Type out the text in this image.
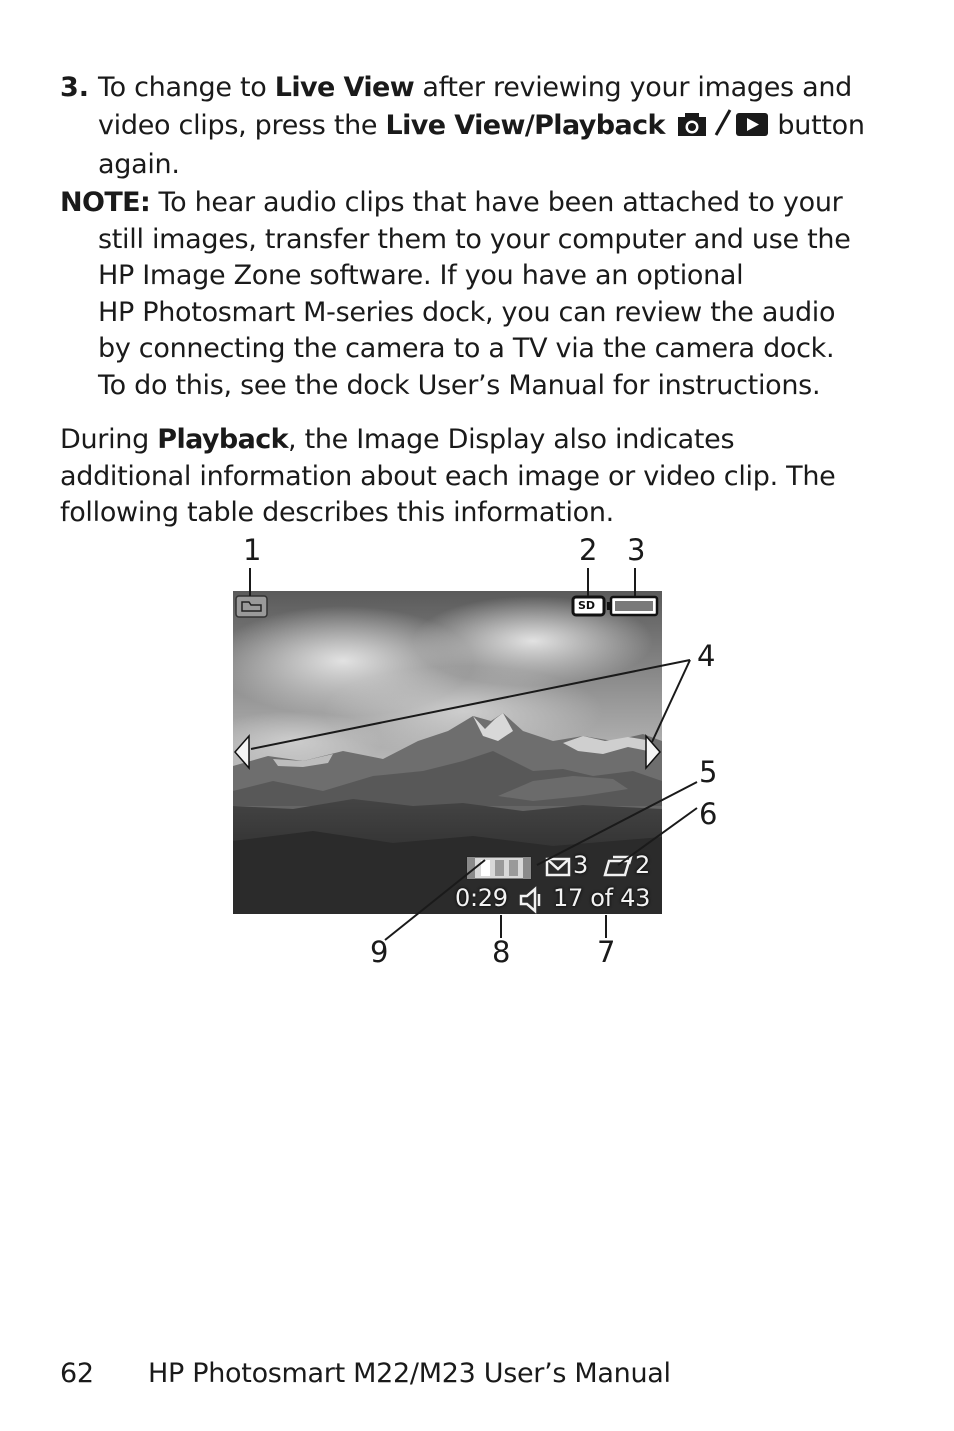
3. To change to Live View after reviewing your images and
video clips, press the Live View/Playback	button
again.
NOTE: To hear audio clips that have been attached to your
still images, transfer them to your computer and use the
HP Image Zone software. If you have an optional
HP Photosmart M-series dock, you can review the audio
by connecting the camera to a TV via the camera dock.
To do this, see the dock User’s Manual for instructions.
During Playback, the Image Display also indicates
additional information about each image or video clip. The
following table describes this information.
3 2
0:29 17 of 43
SD
1	2 3
4
5
6
7
8
9
62 HP Photosmart M22/M23 User’s Manual
